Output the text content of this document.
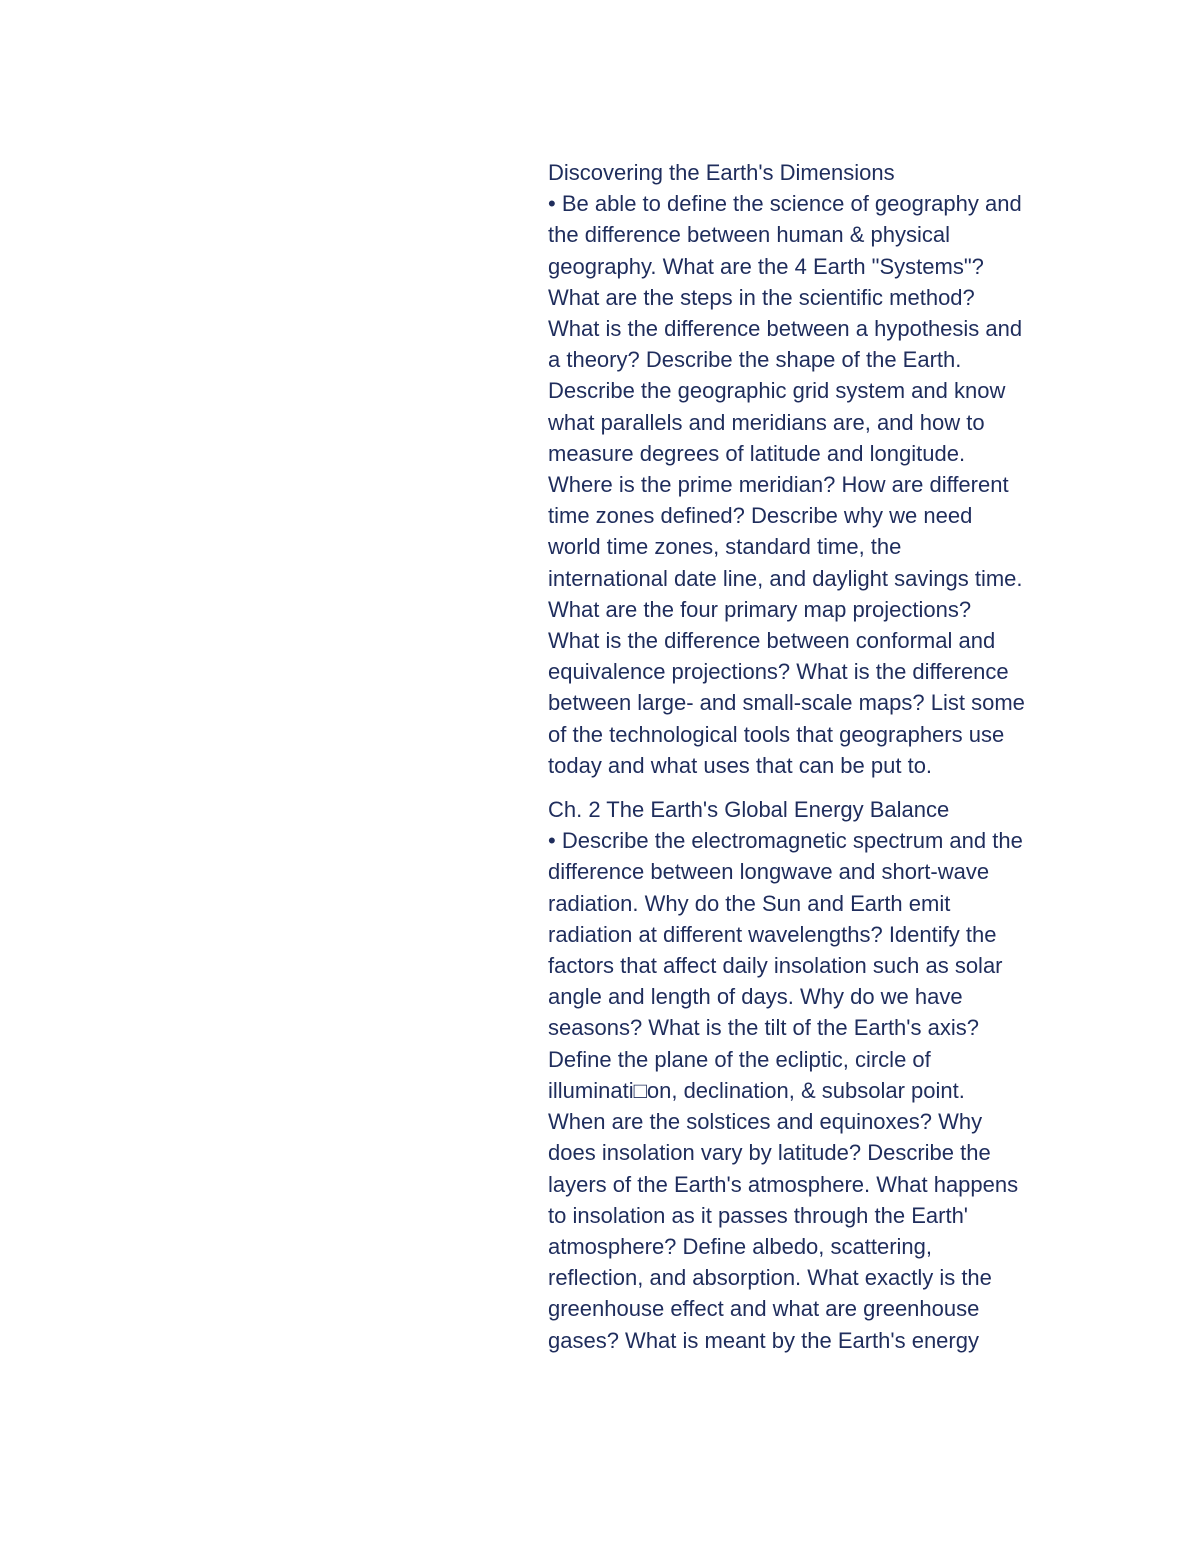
Discovering the Earth's Dimensions
• Be able to define the science of geography and
the difference between human & physical
geography. What are the 4 Earth "Systems"?
What are the steps in the scientific method?
What is the difference between a hypothesis and
a theory? Describe the shape of the Earth.
Describe the geographic grid system and know
what parallels and meridians are, and how to
measure degrees of latitude and longitude.
Where is the prime meridian? How are different
time zones defined? Describe why we need
world time zones, standard time, the
international date line, and daylight savings time.
What are the four primary map projections?
What is the difference between conformal and
equivalence projections? What is the difference
between large- and small-scale maps? List some
of the technological tools that geographers use
today and what uses that can be put to.

Ch. 2 The Earth's Global Energy Balance
• Describe the electromagnetic spectrum and the
difference between longwave and short-wave
radiation. Why do the Sun and Earth emit
radiation at different wavelengths? Identify the
factors that affect daily insolation such as solar
angle and length of days. Why do we have
seasons? What is the tilt of the Earth's axis?
Define the plane of the ecliptic, circle of
illuminati□on, declination, & subsolar point.
When are the solstices and equinoxes? Why
does insolation vary by latitude? Describe the
layers of the Earth's atmosphere. What happens
to insolation as it passes through the Earth'
atmosphere? Define albedo, scattering,
reflection, and absorption. What exactly is the
greenhouse effect and what are greenhouse
gases? What is meant by the Earth's energy
